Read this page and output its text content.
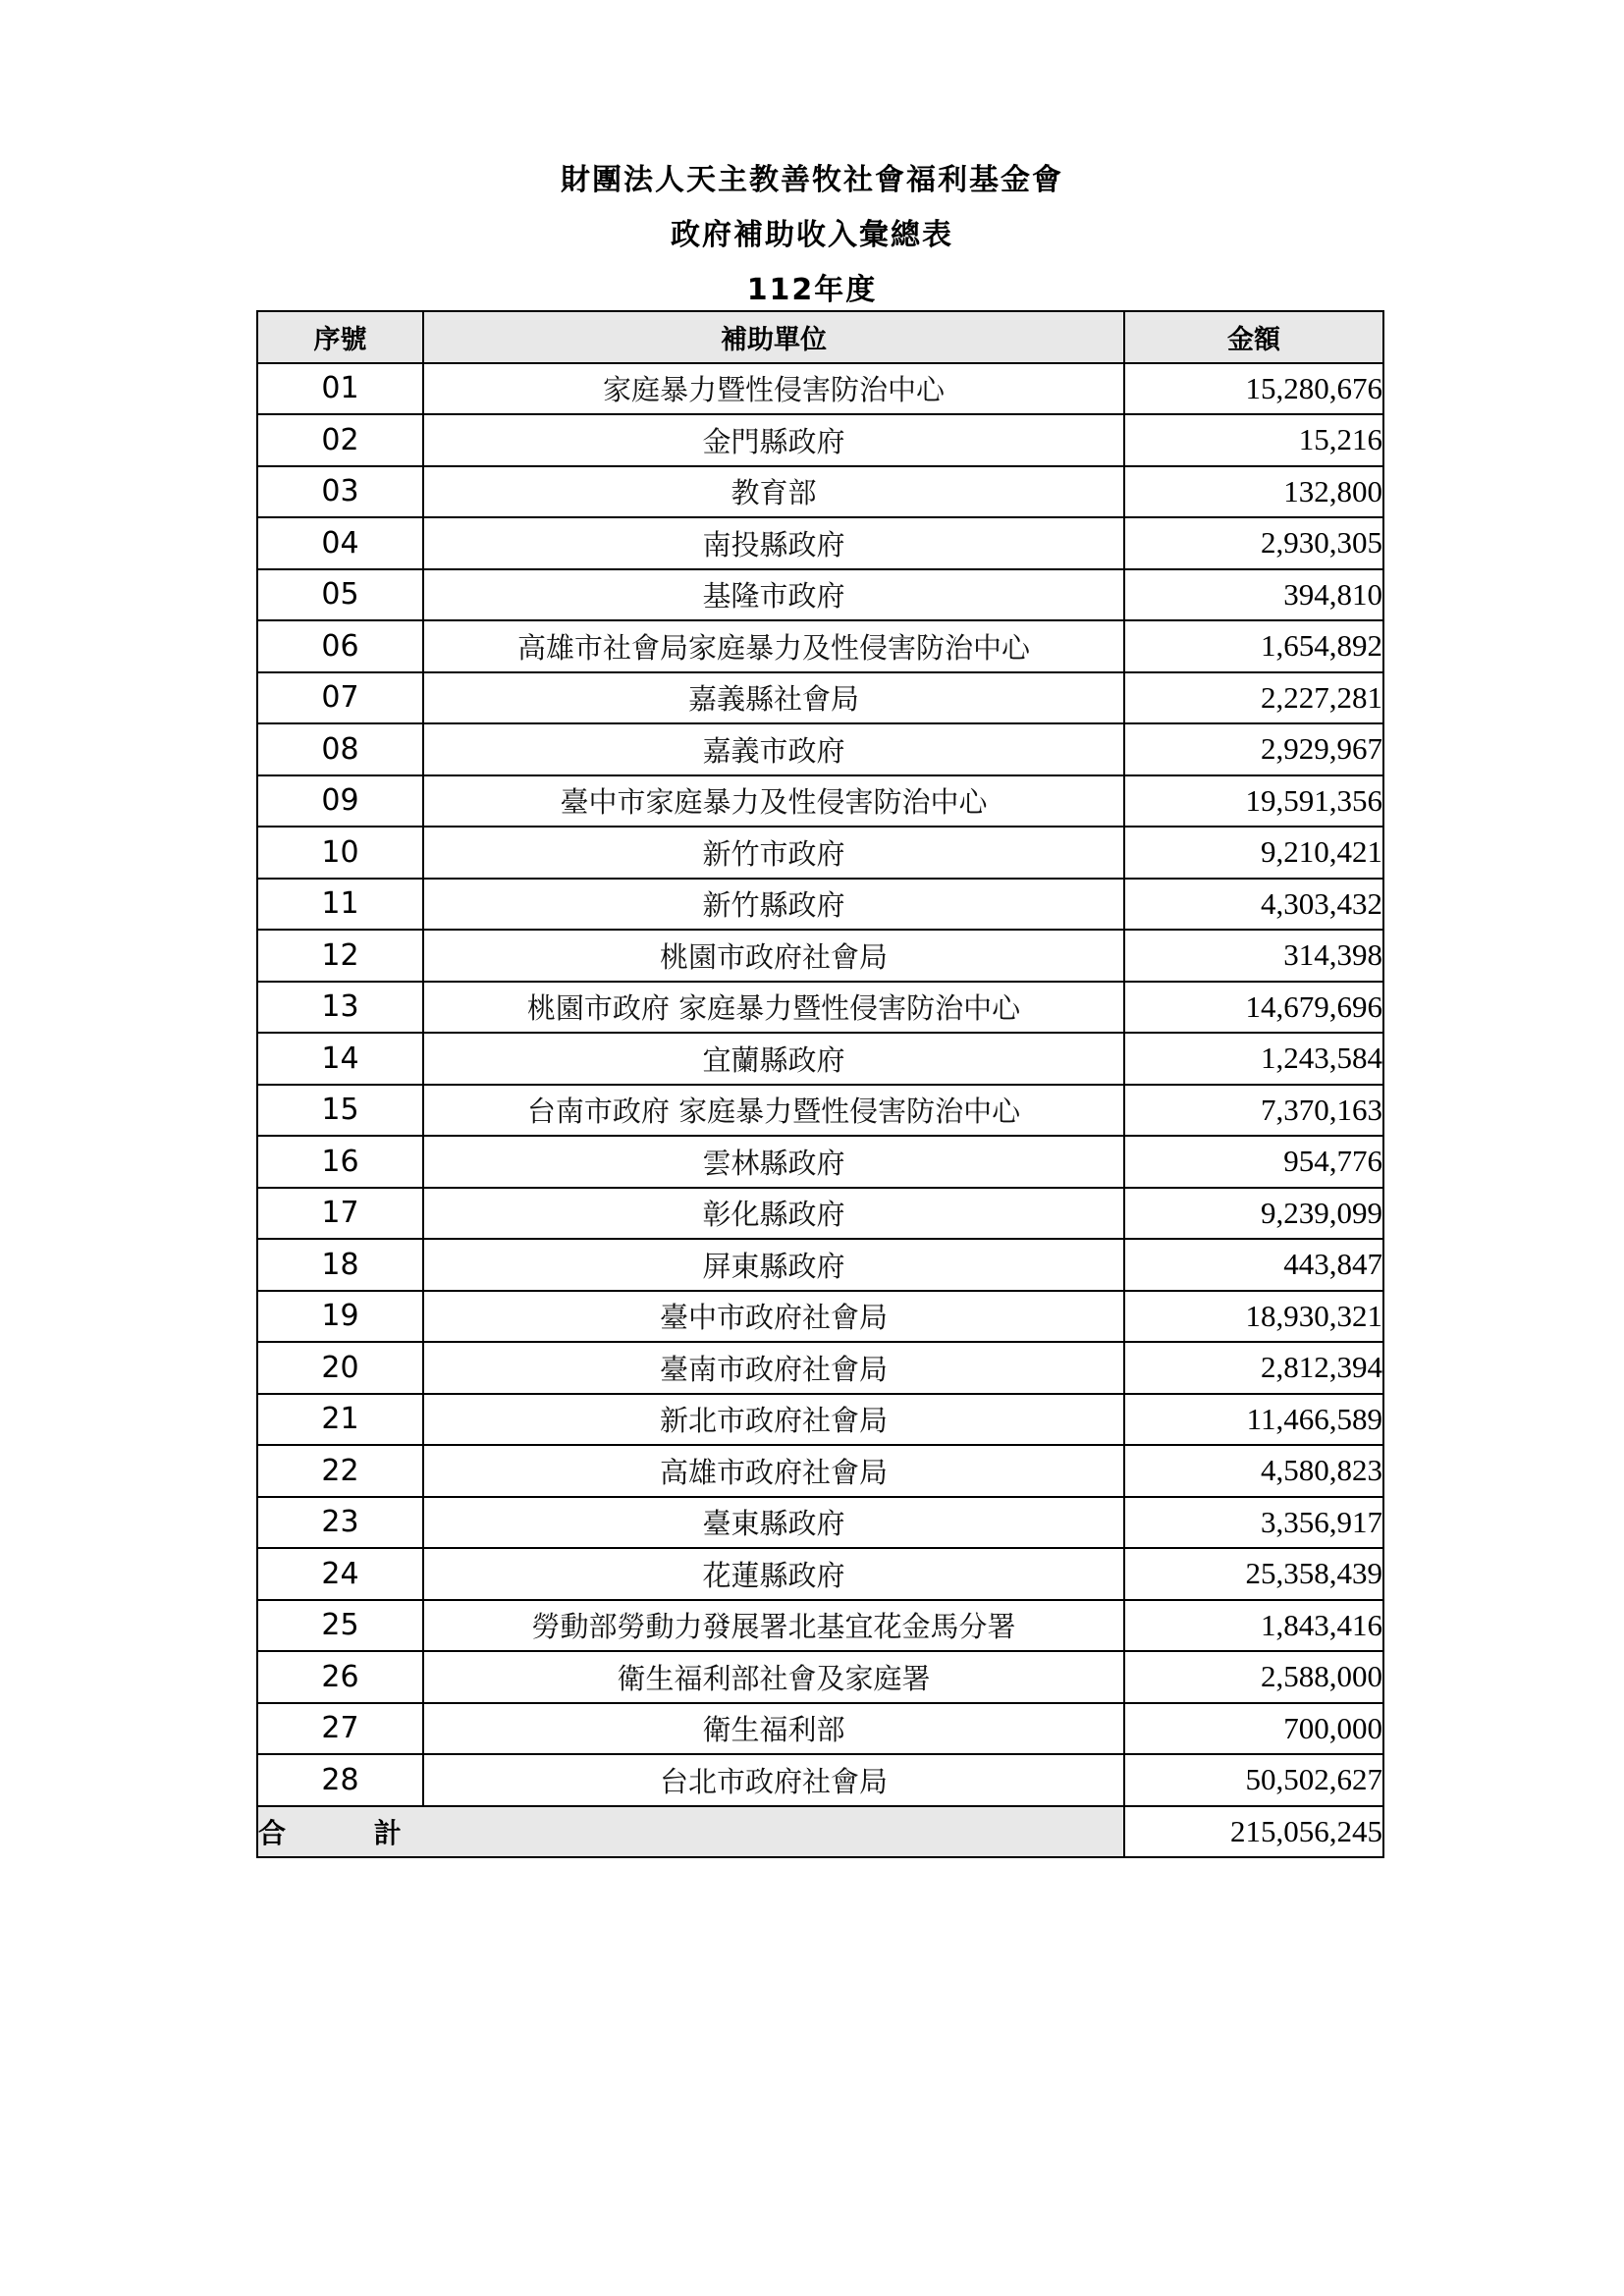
財團法人天主教善牧社會福利基金會
政府補助收入彙總表
112年度
序號	補助單位	金額
01	家庭暴力暨性侵害防治中心	15,280,676
02	金門縣政府	15,216
03	教育部	132,800
04	南投縣政府	2,930,305
05	基隆市政府	394,810
06	高雄市社會局家庭暴力及性侵害防治中心	1,654,892
07	嘉義縣社會局	2,227,281
08	嘉義市政府	2,929,967
09	臺中市家庭暴力及性侵害防治中心	19,591,356
10	新竹市政府	9,210,421
11	新竹縣政府	4,303,432
12	桃園市政府社會局	314,398
13	桃園市政府 家庭暴力暨性侵害防治中心	14,679,696
14	宜蘭縣政府	1,243,584
15	台南市政府 家庭暴力暨性侵害防治中心	7,370,163
16	雲林縣政府	954,776
17	彰化縣政府	9,239,099
18	屏東縣政府	443,847
19	臺中市政府社會局	18,930,321
20	臺南市政府社會局	2,812,394
21	新北市政府社會局	11,466,589
22	高雄市政府社會局	4,580,823
23	臺東縣政府	3,356,917
24	花蓮縣政府	25,358,439
25	勞動部勞動力發展署北基宜花金馬分署	1,843,416
26	衛生福利部社會及家庭署	2,588,000
27	衛生福利部	700,000
28	台北市政府社會局	50,502,627
合 計		215,056,245
